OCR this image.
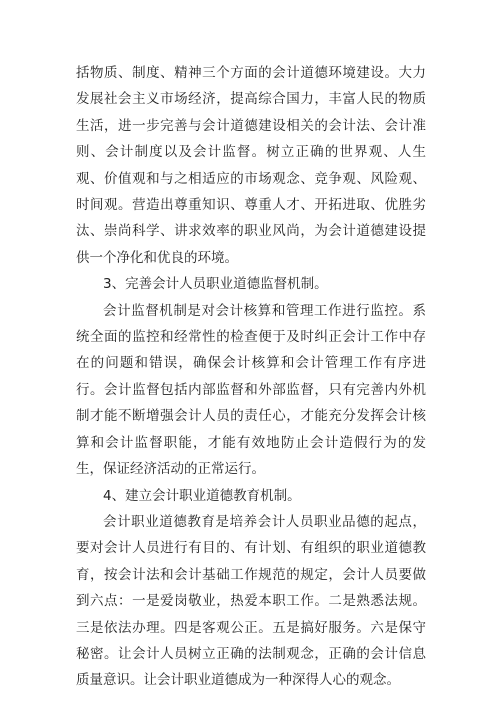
括物质、制度、精神三个方面的会计道德环境建设。大力发展社会主义市场经济，提高综合国力，丰富人民的物质生活，进一步完善与会计道德建设相关的会计法、会计准则、会计制度以及会计监督。树立正确的世界观、人生观、价值观和与之相适应的市场观念、竞争观、风险观、时间观。营造出尊重知识、尊重人才、开拓进取、优胜劣汰、崇尚科学、讲求效率的职业风尚，为会计道德建设提供一个净化和优良的环境。

3、完善会计人员职业道德监督机制。

会计监督机制是对会计核算和管理工作进行监控。系统全面的监控和经常性的检查便于及时纠正会计工作中存在的问题和错误，确保会计核算和会计管理工作有序进行。会计监督包括内部监督和外部监督，只有完善内外机制才能不断增强会计人员的责任心，才能充分发挥会计核算和会计监督职能，才能有效地防止会计造假行为的发生，保证经济活动的正常运行。

4、建立会计职业道德教育机制。

会计职业道德教育是培养会计人员职业品德的起点，要对会计人员进行有目的、有计划、有组织的职业道德教育，按会计法和会计基础工作规范的规定，会计人员要做到六点：一是爱岗敬业，热爱本职工作。二是熟悉法规。三是依法办理。四是客观公正。五是搞好服务。六是保守秘密。让会计人员树立正确的法制观念，正确的会计信息质量意识。让会计职业道德成为一种深得人心的观念。
